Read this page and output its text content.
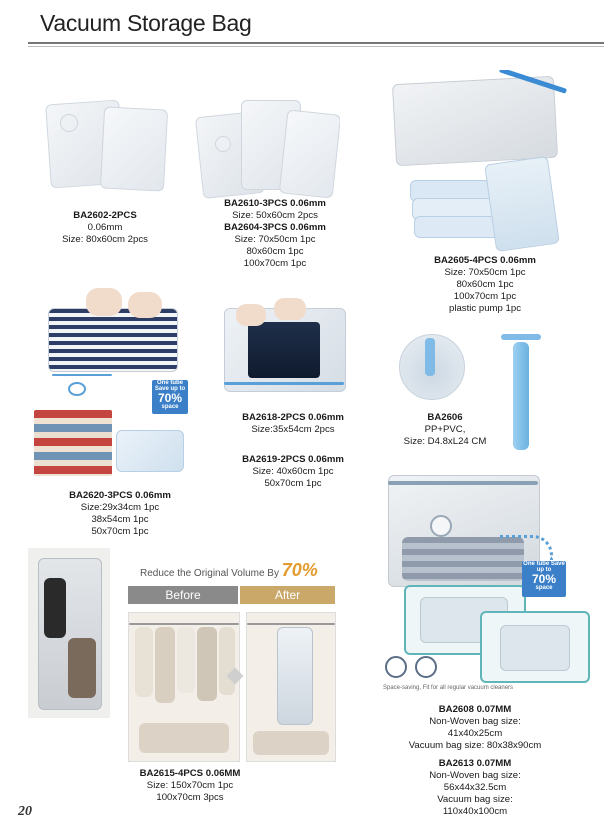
Vacuum Storage Bag
BA2602-2PCS
0.06mm
Size: 80x60cm 2pcs
BA2610-3PCS 0.06mm
Size: 50x60cm 2pcs
BA2604-3PCS 0.06mm
Size: 70x50cm 1pc
80x60cm 1pc
100x70cm 1pc	BA2605-4PCS 0.06mm
Size: 70x50cm 1pc
80x60cm 1pc
100x70cm 1pc
plastic pump 1pc
One tube Save up to
70%
space
BA2620-3PCS 0.06mm
Size:29x34cm 1pc
38x54cm 1pc
50x70cm 1pc
BA2618-2PCS 0.06mm
Size:35x54cm 2pcs
BA2619-2PCS 0.06mm
Size: 40x60cm 1pc
50x70cm 1pc
BA2606
PP+PVC,
Size: D4.8xL24 CM
Reduce the Original Volume By 70%
Before	After
BA2615-4PCS 0.06MM
Size: 150x70cm 1pc
100x70cm 3pcs
One tube Save up to
70%
space
Space-saving, Fit for all regular vacuum cleaners
BA2608 0.07MM
Non-Woven bag size:
41x40x25cm
Vacuum bag size: 80x38x90cm
BA2613 0.07MM
Non-Woven bag size:
56x44x32.5cm
Vacuum bag size:
110x40x100cm
20
